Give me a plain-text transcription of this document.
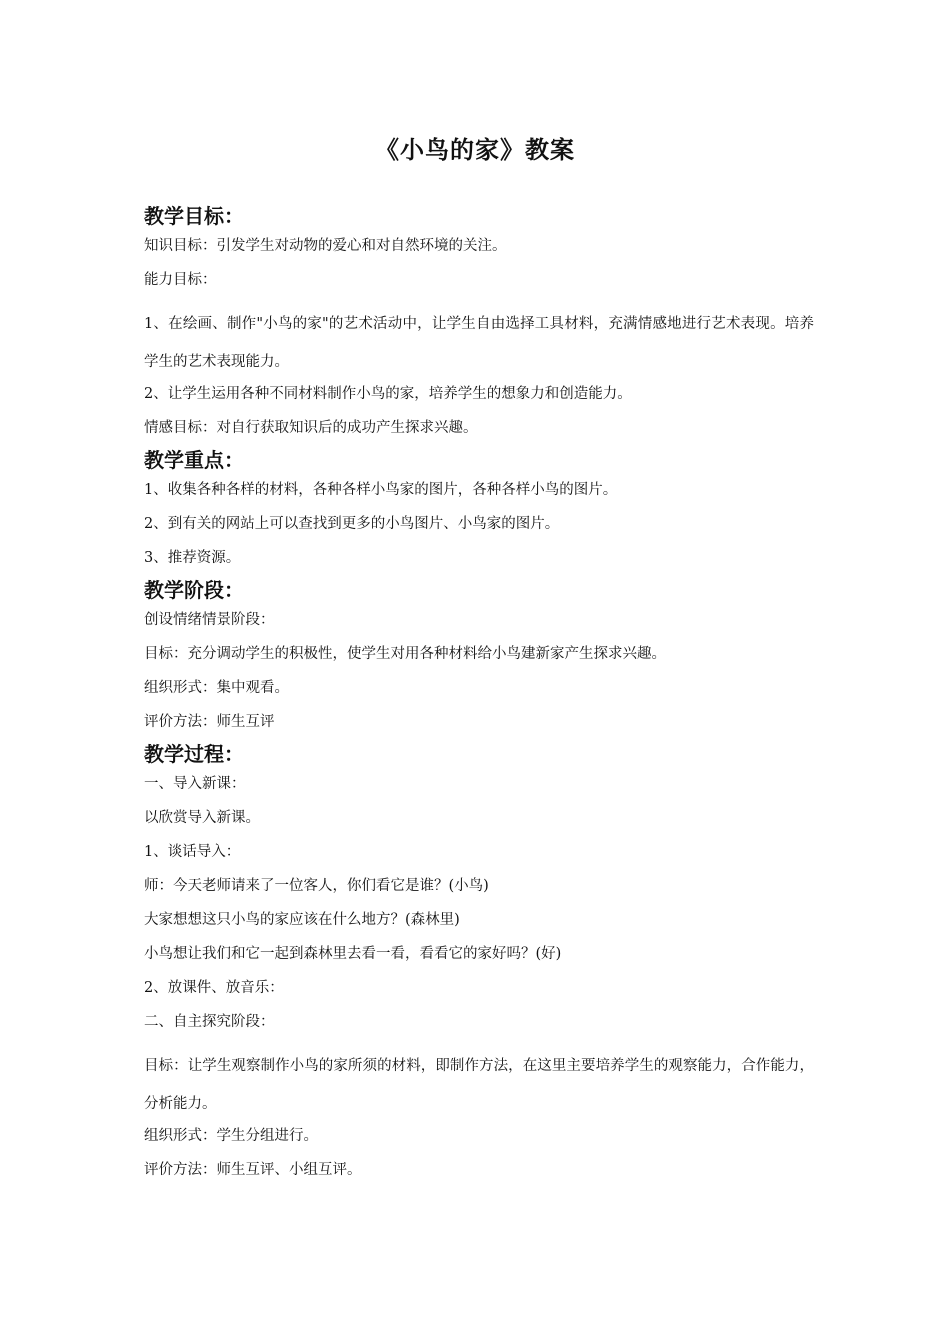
《小鸟的家》教案
教学目标：
知识目标：引发学生对动物的爱心和对自然环境的关注。
能力目标：
1、在绘画、制作"小鸟的家"的艺术活动中，让学生自由选择工具材料，充满情感地进行艺术表现。培养学生的艺术表现能力。
2、让学生运用各种不同材料制作小鸟的家，培养学生的想象力和创造能力。
情感目标：对自行获取知识后的成功产生探求兴趣。
教学重点：
1、收集各种各样的材料，各种各样小鸟家的图片，各种各样小鸟的图片。
2、到有关的网站上可以查找到更多的小鸟图片、小鸟家的图片。
3、推荐资源。
教学阶段：
创设情绪情景阶段：
目标：充分调动学生的积极性，使学生对用各种材料给小鸟建新家产生探求兴趣。
组织形式：集中观看。
评价方法：师生互评
教学过程：
一、导入新课：
以欣赏导入新课。
1、谈话导入：
师：今天老师请来了一位客人，你们看它是谁？(小鸟)
大家想想这只小鸟的家应该在什么地方？(森林里)
小鸟想让我们和它一起到森林里去看一看，看看它的家好吗？(好)
2、放课件、放音乐：
二、自主探究阶段：
目标：让学生观察制作小鸟的家所须的材料，即制作方法，在这里主要培养学生的观察能力，合作能力，分析能力。
组织形式：学生分组进行。
评价方法：师生互评、小组互评。
